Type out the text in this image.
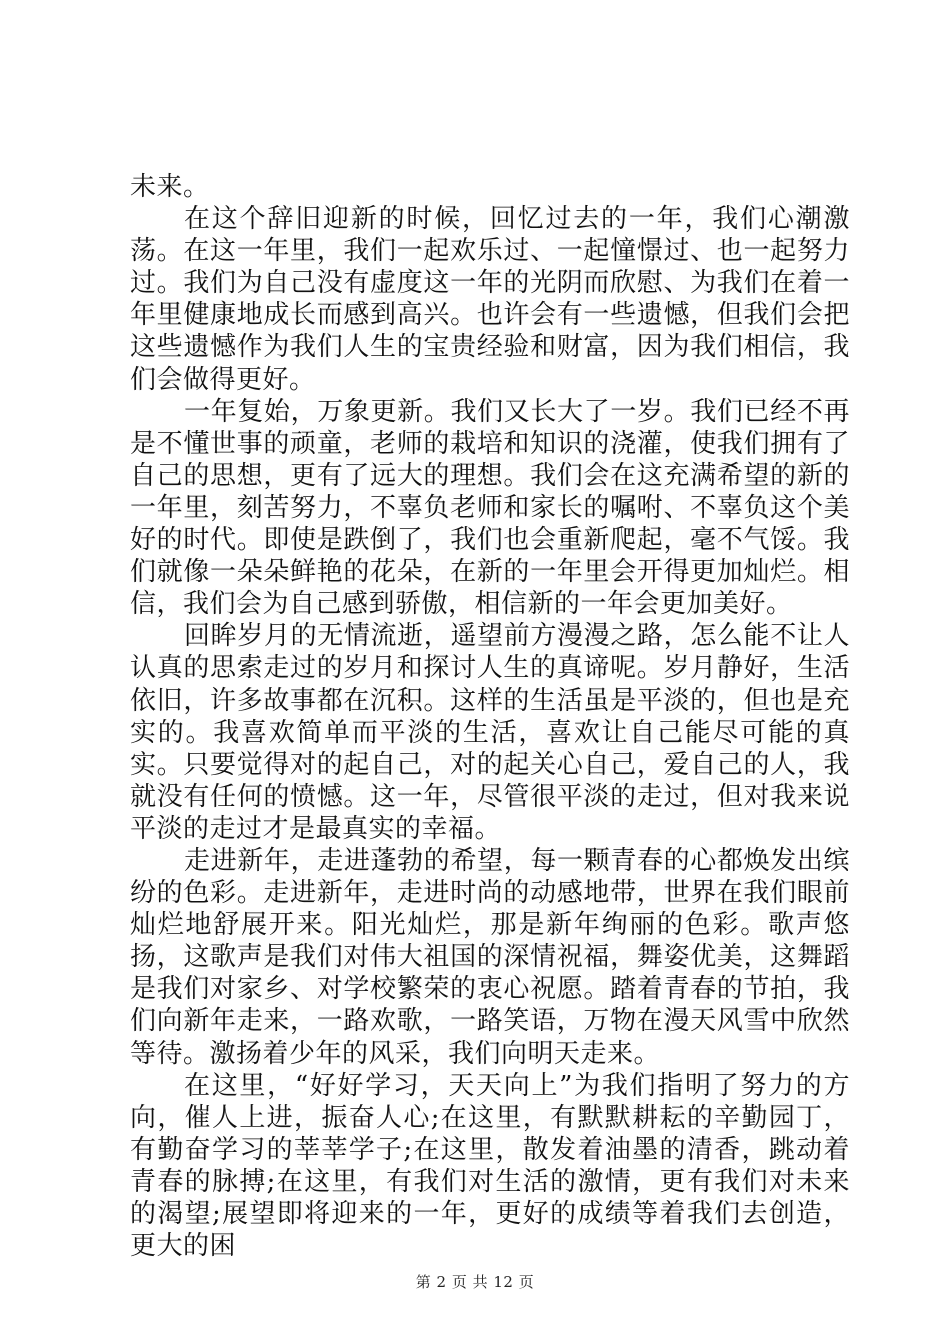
未来。

在这个辞旧迎新的时候，回忆过去的一年，我们心潮激荡。在这一年里，我们一起欢乐过、一起憧憬过、也一起努力过。我们为自己没有虚度这一年的光阴而欣慰、为我们在着一年里健康地成长而感到高兴。也许会有一些遗憾，但我们会把这些遗憾作为我们人生的宝贵经验和财富，因为我们相信，我们会做得更好。

一年复始，万象更新。我们又长大了一岁。我们已经不再是不懂世事的顽童，老师的栽培和知识的浇灌，使我们拥有了自己的思想，更有了远大的理想。我们会在这充满希望的新的一年里，刻苦努力，不辜负老师和家长的嘱咐、不辜负这个美好的时代。即使是跌倒了，我们也会重新爬起，毫不气馁。我们就像一朵朵鲜艳的花朵，在新的一年里会开得更加灿烂。相信，我们会为自己感到骄傲，相信新的一年会更加美好。

回眸岁月的无情流逝，遥望前方漫漫之路，怎么能不让人认真的思索走过的岁月和探讨人生的真谛呢。岁月静好，生活依旧，许多故事都在沉积。这样的生活虽是平淡的，但也是充实的。我喜欢简单而平淡的生活，喜欢让自己能尽可能的真实。只要觉得对的起自己，对的起关心自己，爱自己的人，我就没有任何的愤憾。这一年，尽管很平淡的走过，但对我来说平淡的走过才是最真实的幸福。

走进新年，走进蓬勃的希望，每一颗青春的心都焕发出缤纷的色彩。走进新年，走进时尚的动感地带，世界在我们眼前灿烂地舒展开来。阳光灿烂，那是新年绚丽的色彩。歌声悠扬，这歌声是我们对伟大祖国的深情祝福，舞姿优美，这舞蹈是我们对家乡、对学校繁荣的衷心祝愿。踏着青春的节拍，我们向新年走来，一路欢歌，一路笑语，万物在漫天风雪中欣然等待。激扬着少年的风采，我们向明天走来。

在这里，“好好学习，天天向上”为我们指明了努力的方向，催人上进，振奋人心;在这里，有默默耕耘的辛勤园丁，有勤奋学习的莘莘学子;在这里，散发着油墨的清香，跳动着青春的脉搏;在这里，有我们对生活的激情，更有我们对未来的渴望;展望即将迎来的一年，更好的成绩等着我们去创造，更大的困

第 2 页 共 12 页
